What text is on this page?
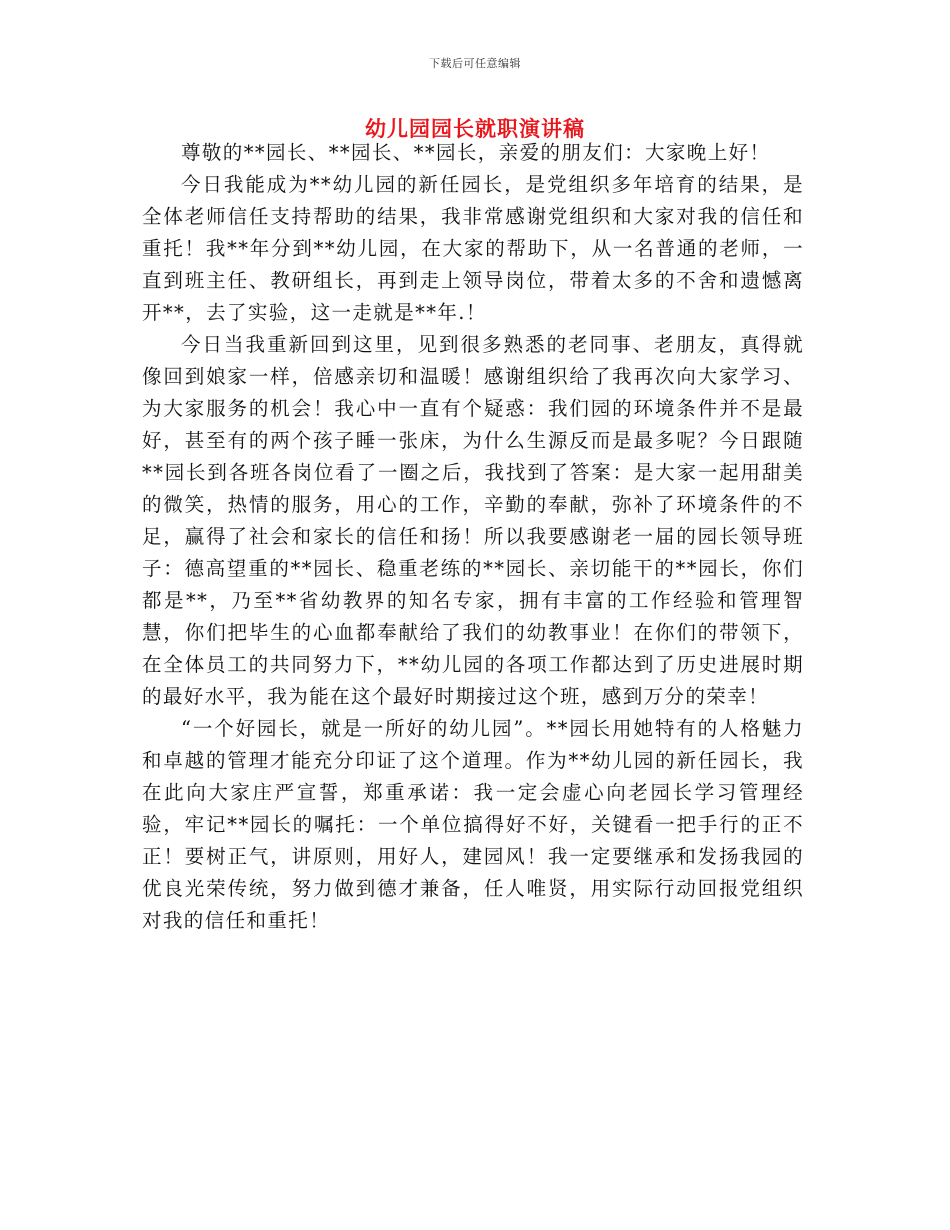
下载后可任意编辑
幼儿园园长就职演讲稿

尊敬的**园长、**园长、**园长，亲爱的朋友们：大家晚上好！

今日我能成为**幼儿园的新任园长，是党组织多年培育的结果，是全体老师信任支持帮助的结果，我非常感谢党组织和大家对我的信任和重托！我**年分到**幼儿园，在大家的帮助下，从一名普通的老师，一直到班主任、教研组长，再到走上领导岗位，带着太多的不舍和遗憾离开**，去了实验，这一走就是**年.！

今日当我重新回到这里，见到很多熟悉的老同事、老朋友，真得就像回到娘家一样，倍感亲切和温暖！感谢组织给了我再次向大家学习、为大家服务的机会！我心中一直有个疑惑：我们园的环境条件并不是最好，甚至有的两个孩子睡一张床，为什么生源反而是最多呢？今日跟随**园长到各班各岗位看了一圈之后，我找到了答案：是大家一起用甜美的微笑，热情的服务，用心的工作，辛勤的奉献，弥补了环境条件的不足，赢得了社会和家长的信任和扬！所以我要感谢老一届的园长领导班子：德高望重的**园长、稳重老练的**园长、亲切能干的**园长，你们都是**，乃至**省幼教界的知名专家，拥有丰富的工作经验和管理智慧，你们把毕生的心血都奉献给了我们的幼教事业！在你们的带领下，在全体员工的共同努力下，**幼儿园的各项工作都达到了历史进展时期的最好水平，我为能在这个最好时期接过这个班，感到万分的荣幸！

“一个好园长，就是一所好的幼儿园”。**园长用她特有的人格魅力和卓越的管理才能充分印证了这个道理。作为**幼儿园的新任园长，我在此向大家庄严宣誓，郑重承诺：我一定会虚心向老园长学习管理经验，牢记**园长的嘱托：一个单位搞得好不好，关键看一把手行的正不正！要树正气，讲原则，用好人，建园风！我一定要继承和发扬我园的优良光荣传统，努力做到德才兼备，任人唯贤，用实际行动回报党组织对我的信任和重托！
